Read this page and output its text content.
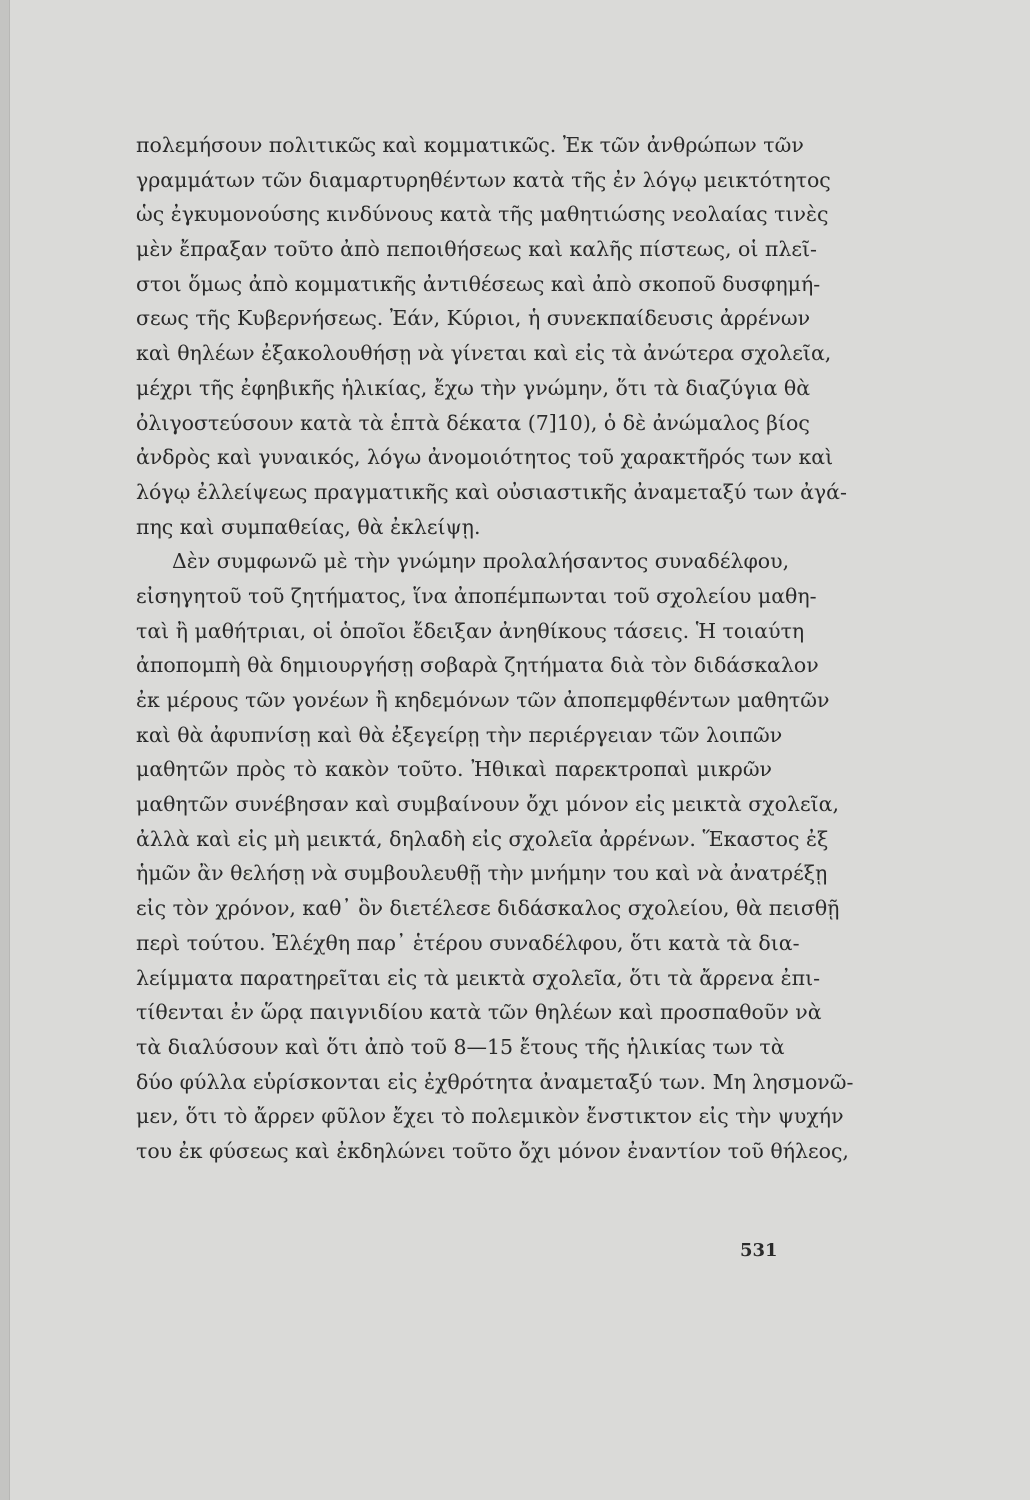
πολεμήσουν πολιτικῶς καὶ κομματικῶς. Ἐκ τῶν ἀνθρώπων τῶν
γραμμάτων τῶν διαμαρτυρηθέντων κατὰ τῆς ἐν λόγῳ μεικτότητος
ὡς ἐγκυμονούσης κινδύνους κατὰ τῆς μαθητιώσης νεολαίας τινὲς
μὲν ἔπραξαν τοῦτο ἀπὸ πεποιθήσεως καὶ καλῆς πίστεως, οἱ πλεῖ-
στοι ὅμως ἀπὸ κομματικῆς ἀντιθέσεως καὶ ἀπὸ σκοποῦ δυσφημή-
σεως τῆς Κυβερνήσεως. Ἐάν, Κύριοι, ἡ συνεκπαίδευσις ἀρρένων
καὶ θηλέων ἐξακολουθήσῃ νὰ γίνεται καὶ εἰς τὰ ἀνώτερα σχολεῖα,
μέχρι τῆς ἐφηβικῆς ἡλικίας, ἔχω τὴν γνώμην, ὅτι τὰ διαζύγια θὰ
ὀλιγοστεύσουν κατὰ τὰ ἑπτὰ δέκατα (7]10), ὁ δὲ ἀνώμαλος βίος
ἀνδρὸς καὶ γυναικός, λόγω ἀνομοιότητος τοῦ χαρακτῆρός των καὶ
λόγῳ ἐλλείψεως πραγματικῆς καὶ οὐσιαστικῆς ἀναμεταξύ των ἀγά-
πης καὶ συμπαθείας, θὰ ἐκλείψῃ.
Δὲν συμφωνῶ μὲ τὴν γνώμην προλαλήσαντος συναδέλφου,
εἰσηγητοῦ τοῦ ζητήματος, ἵνα ἀποπέμπωνται τοῦ σχολείου μαθη-
ταὶ ἢ μαθήτριαι, οἱ ὁποῖοι ἔδειξαν ἀνηθίκους τάσεις. Ἡ τοιαύτη
ἀποπομπὴ θὰ δημιουργήσῃ σοβαρὰ ζητήματα διὰ τὸν διδάσκαλον
ἐκ μέρους τῶν γονέων ἢ κηδεμόνων τῶν ἀποπεμφθέντων μαθητῶν
καὶ θὰ ἀφυπνίσῃ καὶ θὰ ἐξεγείρῃ τὴν περιέργειαν τῶν λοιπῶν
μαθητῶν πρὸς τὸ κακὸν τοῦτο. Ἠθικαὶ παρεκτροπαὶ μικρῶν
μαθητῶν συνέβησαν καὶ συμβαίνουν ὄχι μόνον εἰς μεικτὰ σχολεῖα,
ἀλλὰ καὶ εἰς μὴ μεικτά, δηλαδὴ εἰς σχολεῖα ἀρρένων. Ἕκαστος ἐξ
ἡμῶν ἂν θελήσῃ νὰ συμβουλευθῇ τὴν μνήμην του καὶ νὰ ἀνατρέξῃ
εἰς τὸν χρόνον, καθ᾽ ὃν διετέλεσε διδάσκαλος σχολείου, θὰ πεισθῇ
περὶ τούτου. Ἐλέχθη παρ᾽ ἑτέρου συναδέλφου, ὅτι κατὰ τὰ δια-
λείμματα παρατηρεῖται εἰς τὰ μεικτὰ σχολεῖα, ὅτι τὰ ἄρρενα ἐπι-
τίθενται ἐν ὥρᾳ παιγνιδίου κατὰ τῶν θηλέων καὶ προσπαθοῦν νὰ
τὰ διαλύσουν καὶ ὅτι ἀπὸ τοῦ 8—15 ἔτους τῆς ἡλικίας των τὰ
δύο φύλλα εὑρίσκονται εἰς ἐχθρότητα ἀναμεταξύ των. Μη λησμονῶ-
μεν, ὅτι τὸ ἄρρεν φῦλον ἔχει τὸ πολεμικὸν ἔνστικτον εἰς τὴν ψυχήν
του ἐκ φύσεως καὶ ἐκδηλώνει τοῦτο ὄχι μόνον ἐναντίον τοῦ θήλεος,
531
